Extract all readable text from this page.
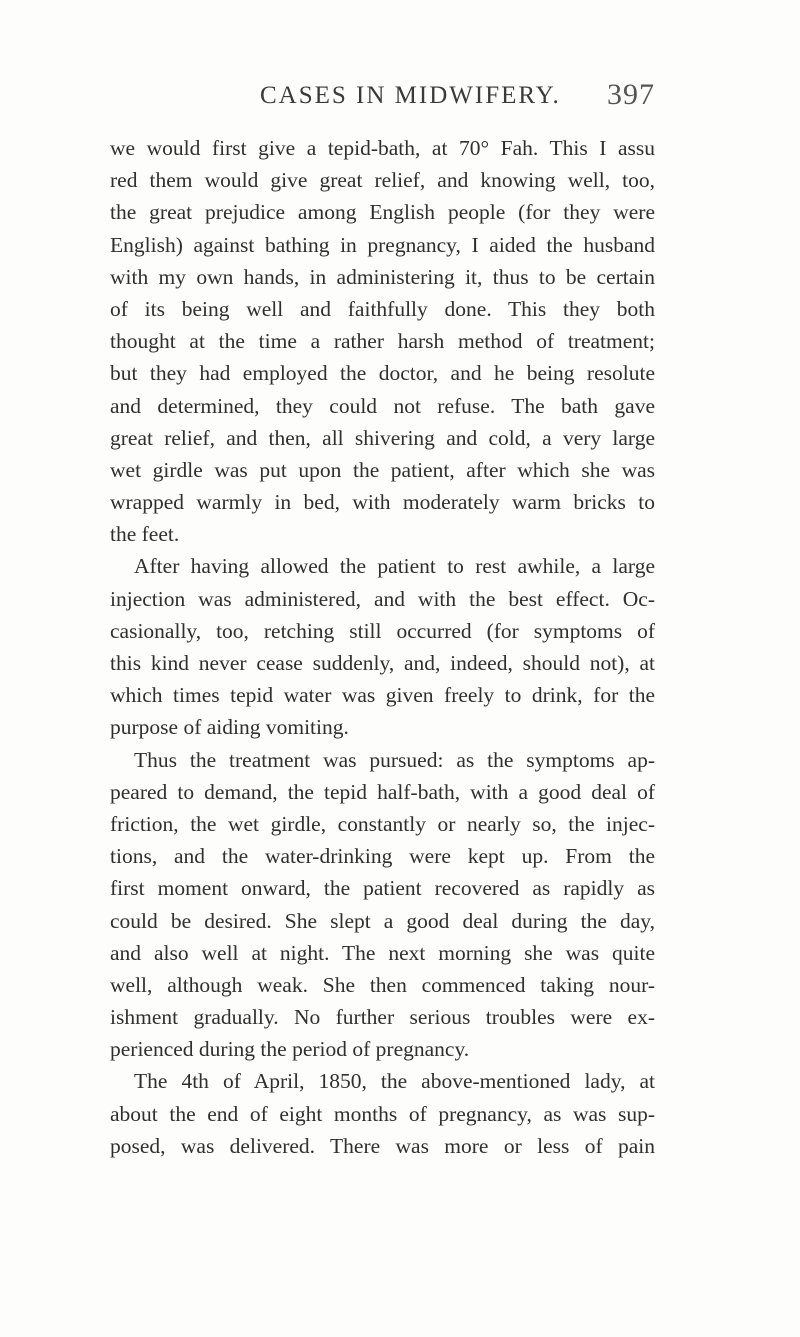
CASES IN MIDWIFERY. 397
we would first give a tepid-bath, at 70° Fah. This I assu
red them would give great relief, and knowing well, too,
the great prejudice among English people (for they were
English) against bathing in pregnancy, I aided the husband
with my own hands, in administering it, thus to be certain
of its being well and faithfully done. This they both
thought at the time a rather harsh method of treatment;
but they had employed the doctor, and he being resolute
and determined, they could not refuse. The bath gave
great relief, and then, all shivering and cold, a very large
wet girdle was put upon the patient, after which she was
wrapped warmly in bed, with moderately warm bricks to
the feet.
After having allowed the patient to rest awhile, a large
injection was administered, and with the best effect. Oc-
casionally, too, retching still occurred (for symptoms of
this kind never cease suddenly, and, indeed, should not), at
which times tepid water was given freely to drink, for the
purpose of aiding vomiting.
Thus the treatment was pursued: as the symptoms ap-
peared to demand, the tepid half-bath, with a good deal of
friction, the wet girdle, constantly or nearly so, the injec-
tions, and the water-drinking were kept up. From the
first moment onward, the patient recovered as rapidly as
could be desired. She slept a good deal during the day,
and also well at night. The next morning she was quite
well, although weak. She then commenced taking nour-
ishment gradually. No further serious troubles were ex-
perienced during the period of pregnancy.
The 4th of April, 1850, the above-mentioned lady, at
about the end of eight months of pregnancy, as was sup-
posed, was delivered. There was more or less of pain
